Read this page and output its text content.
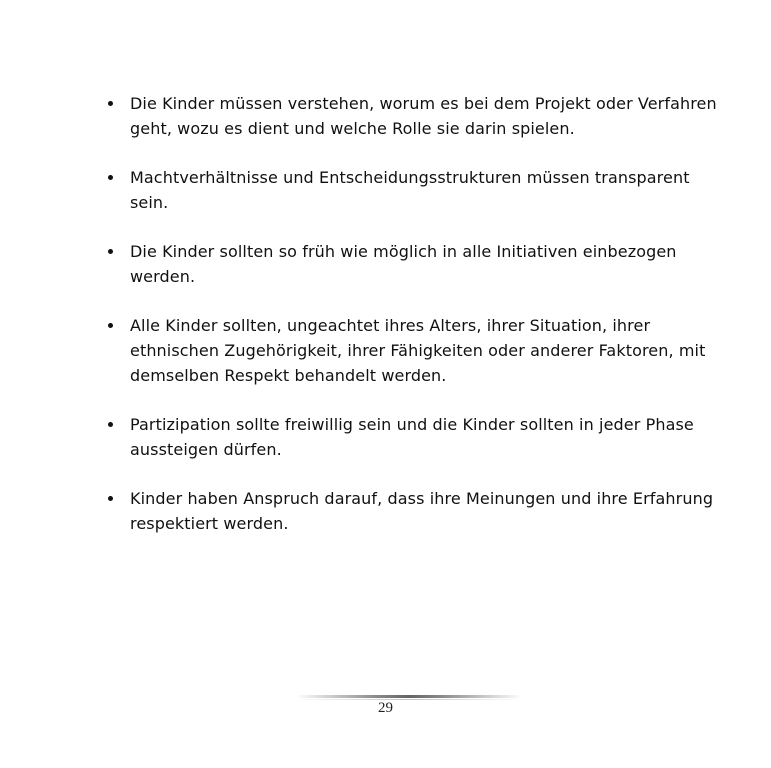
Die Kinder müssen verstehen, worum es bei dem Projekt oder Verfahren geht, wozu es dient und welche Rolle sie darin spielen.
Machtverhältnisse und Entscheidungsstrukturen müssen transparent sein.
Die Kinder sollten so früh wie möglich in alle Initiativen einbezogen werden.
Alle Kinder sollten, ungeachtet ihres Alters, ihrer Situation, ihrer ethnischen Zugehörigkeit, ihrer Fähigkeiten oder anderer Faktoren, mit demselben Respekt behandelt werden.
Partizipation sollte freiwillig sein und die Kinder sollten in jeder Phase aussteigen dürfen.
Kinder haben Anspruch darauf, dass ihre Meinungen und ihre Erfahrung respektiert werden.
29
